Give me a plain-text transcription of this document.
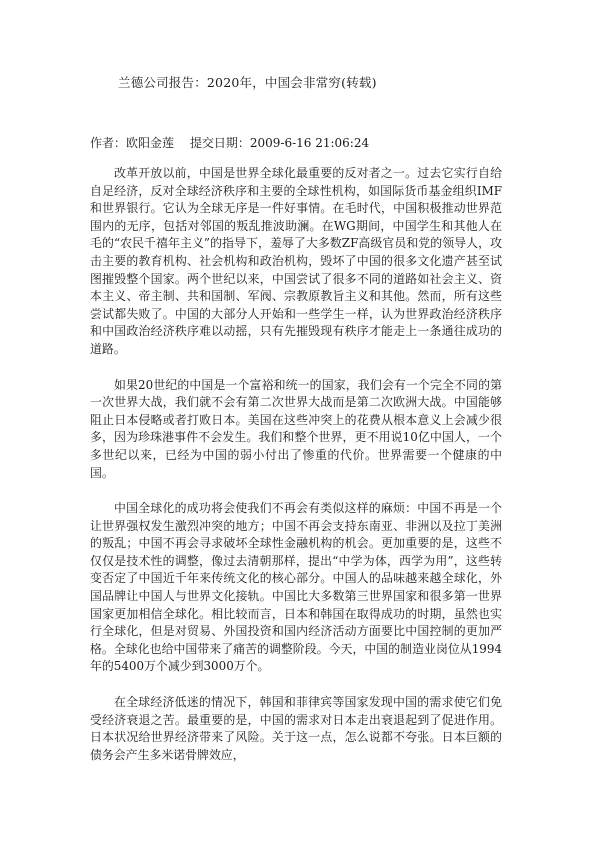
兰德公司报告：2020年，中国会非常穷(转载)
作者：欧阳金莲 提交日期：2009-6-16 21:06:24

改革开放以前，中国是世界全球化最重要的反对者之一。过去它实行自给自足经济，反对全球经济秩序和主要的全球性机构，如国际货币基金组织IMF和世界银行。它认为全球无序是一件好事情。在毛时代，中国积极推动世界范围内的无序，包括对邻国的叛乱推波助澜。在WG期间，中国学生和其他人在毛的“农民千禧年主义”的指导下，羞辱了大多数ZF高级官员和党的领导人，攻击主要的教育机构、社会机构和政治机构，毁坏了中国的很多文化遗产甚至试图摧毁整个国家。两个世纪以来，中国尝试了很多不同的道路如社会主义、资本主义、帝主制、共和国制、军阀、宗教原教旨主义和其他。然而，所有这些尝试都失败了。中国的大部分人开始和一些学生一样，认为世界政治经济秩序和中国政治经济秩序难以动摇，只有先摧毁现有秩序才能走上一条通往成功的道路。

如果20世纪的中国是一个富裕和统一的国家，我们会有一个完全不同的第一次世界大战，我们就不会有第二次世界大战而是第二次欧洲大战。中国能够阻止日本侵略或者打败日本。美国在这些冲突上的花费从根本意义上会减少很多，因为珍珠港事件不会发生。我们和整个世界，更不用说10亿中国人，一个多世纪以来，已经为中国的弱小付出了惨重的代价。世界需要一个健康的中国。

中国全球化的成功将会使我们不再会有类似这样的麻烦：中国不再是一个让世界强权发生激烈冲突的地方；中国不再会支持东南亚、非洲以及拉丁美洲的叛乱；中国不再会寻求破坏全球性金融机构的机会。更加重要的是，这些不仅仅是技术性的调整，像过去清朝那样，提出“中学为体，西学为用”，这些转变否定了中国近千年来传统文化的核心部分。中国人的品味越来越全球化，外国品牌让中国人与世界文化接轨。中国比大多数第三世界国家和很多第一世界国家更加相信全球化。相比较而言，日本和韩国在取得成功的时期，虽然也实行全球化，但是对贸易、外国投资和国内经济活动方面要比中国控制的更加严格。全球化也给中国带来了痛苦的调整阶段。今天，中国的制造业岗位从1994年的5400万个减少到3000万个。

在全球经济低迷的情况下，韩国和菲律宾等国家发现中国的需求使它们免受经济衰退之苦。最重要的是，中国的需求对日本走出衰退起到了促进作用。日本状况给世界经济带来了风险。关于这一点，怎么说都不夸张。日本巨额的债务会产生多米诺骨牌效应，
